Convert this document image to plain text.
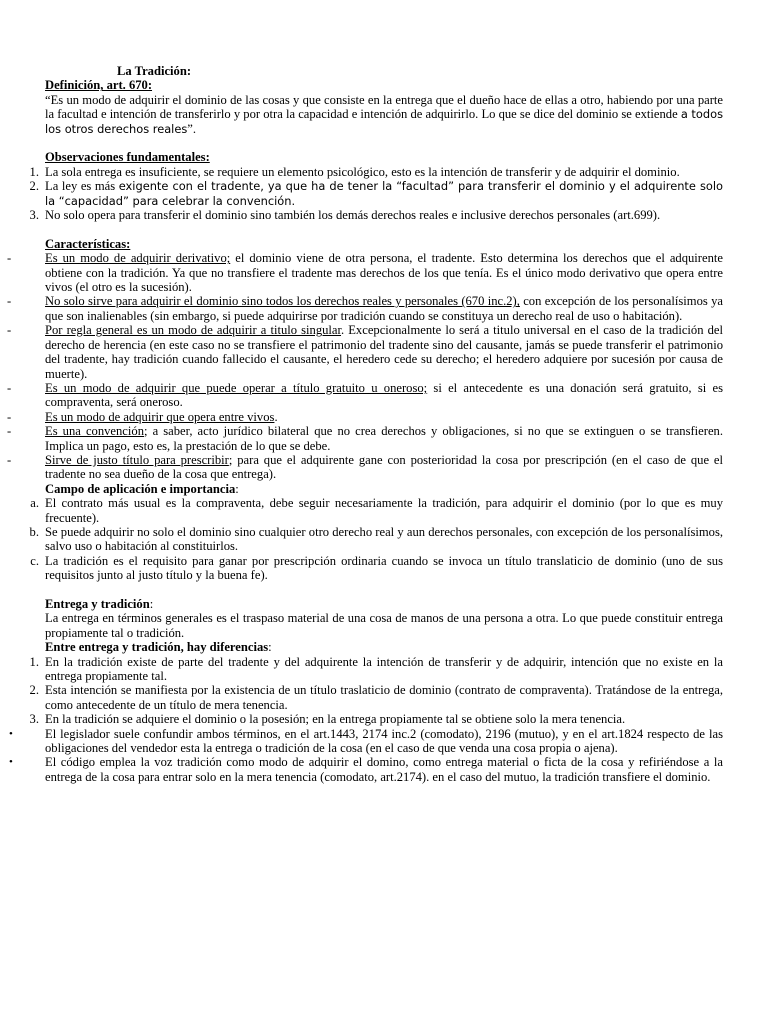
La Tradición:
Definición, art. 670:

“Es un modo de adquirir el dominio de las cosas y que consiste en la entrega que el dueño hace de ellas a otro, habiendo por una parte la facultad e intención de transferirlo y por otra la capacidad e intención de adquirirlo. Lo que se dice del dominio se extiende a todos los otros derechos reales”.

Observaciones fundamentales:
1. La sola entrega es insuficiente, se requiere un elemento psicológico, esto es la intención de transferir y de adquirir el dominio.
2. La ley es más exigente con el tradente, ya que ha de tener la “facultad” para transferir el dominio y el adquirente solo la “capacidad” para celebrar la convención.
3. No solo opera para transferir el dominio sino también los demás derechos reales e inclusive derechos personales (art.699).
Características:
-	Es un modo de adquirir derivativo; el dominio viene de otra persona, el tradente. Esto determina los derechos que el adquirente obtiene con la tradición. Ya que no transfiere el tradente mas derechos de los que tenía. Es el único modo derivativo que opera entre vivos (el otro es la sucesión).
-	No solo sirve para adquirir el dominio sino todos los derechos reales y personales (670 inc.2), con excepción de los personalísimos ya que son inalienables (sin embargo, si puede adquirirse por tradición cuando se constituya un derecho real de uso o habitación).
-	Por regla general es un modo de adquirir a titulo singular. Excepcionalmente lo será a titulo universal en el caso de la tradición del derecho de herencia (en este caso no se transfiere el patrimonio del tradente sino del causante, jamás se puede transferir el patrimonio del tradente, hay tradición cuando fallecido el causante, el heredero cede su derecho; el heredero adquiere por sucesión por causa de muerte).
-	Es un modo de adquirir que puede operar a título gratuito u oneroso; si el antecedente es una donación será gratuito, si es compraventa, será oneroso.
-	Es un modo de adquirir que opera entre vivos.
-	Es una convención; a saber, acto jurídico bilateral que no crea derechos y obligaciones, si no que se extinguen o se transfieren. Implica un pago, esto es, la prestación de lo que se debe.
-	Sirve de justo título para prescribir; para que el adquirente gane con posterioridad la cosa por prescripción (en el caso de que el tradente no sea dueño de la cosa que entrega).
Campo de aplicación e importancia:
a. El contrato más usual es la compraventa, debe seguir necesariamente la tradición, para adquirir el dominio (por lo que es muy frecuente).
b. Se puede adquirir no solo el dominio sino cualquier otro derecho real y aun derechos personales, con excepción de los personalísimos, salvo uso o habitación al constituirlos.
c. La tradición es el requisito para ganar por prescripción ordinaria cuando se invoca un título translaticio de dominio (uno de sus requisitos junto al justo título y la buena fe).
Entrega y tradición:

La entrega en términos generales es el traspaso material de una cosa de manos de una persona a otra. Lo que puede constituir entrega propiamente tal o tradición.

Entre entrega y tradición, hay diferencias:
1. En la tradición existe de parte del tradente y del adquirente la intención de transferir y de adquirir, intención que no existe en la entrega propiamente tal.
2. Esta intención se manifiesta por la existencia de un título traslaticio de dominio (contrato de compraventa). Tratándose de la entrega, como antecedente de un título de mera tenencia.
3. En la tradición se adquiere el dominio o la posesión; en la entrega propiamente tal se obtiene solo la mera tenencia.
•	El legislador suele confundir ambos términos, en el art.1443, 2174 inc.2 (comodato), 2196 (mutuo), y en el art.1824 respecto de las obligaciones del vendedor esta la entrega o tradición de la cosa (en el caso de que venda una cosa propia o ajena).
•	El código emplea la voz tradición como modo de adquirir el domino, como entrega material o ficta de la cosa y refiriéndose a la entrega de la cosa para entrar solo en la mera tenencia (comodato, art.2174). en el caso del mutuo, la tradición transfiere el dominio.
